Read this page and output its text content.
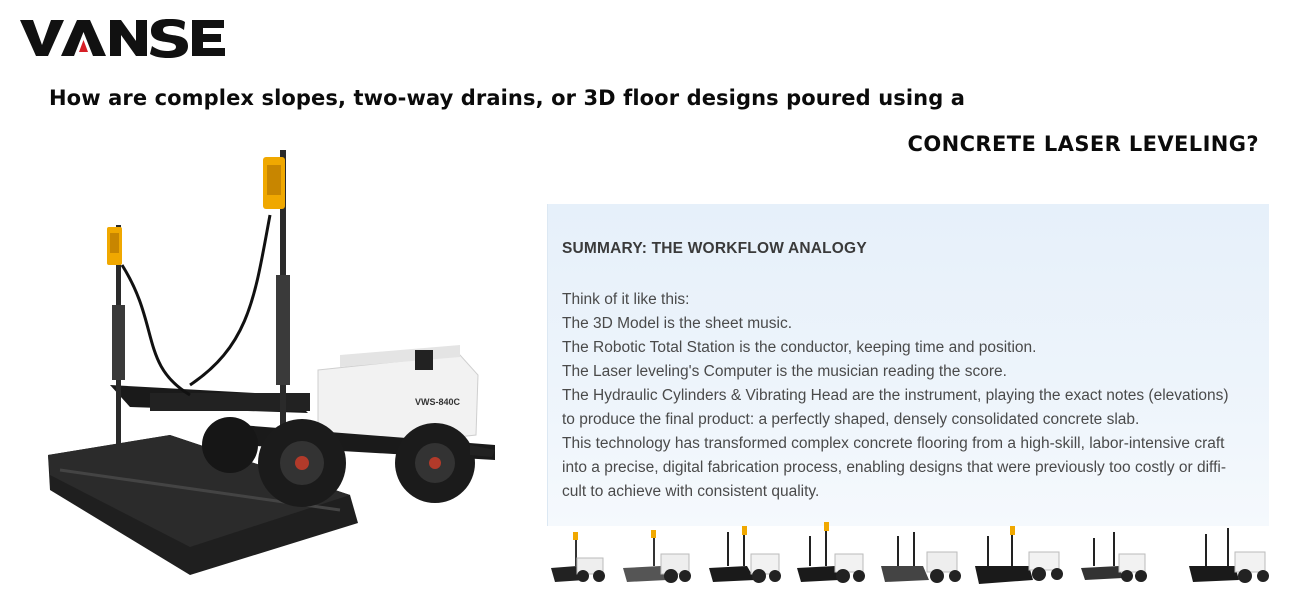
How are complex slopes, two-way drains, or 3D floor designs poured using a
CONCRETE LASER LEVELING?
VWS-840C
SUMMARY: THE WORKFLOW ANALOGY

Think of it like this:

The 3D Model is the sheet music.

The Robotic Total Station is the conductor, keeping time and position.

The Laser leveling's Computer is the musician reading the score.

The Hydraulic Cylinders & Vibrating Head are the instrument, playing the exact notes (elevations)

to produce the final product: a perfectly shaped, densely consolidated concrete slab.

This technology has transformed complex concrete flooring from a high-skill, labor-intensive craft

into a precise, digital fabrication process, enabling designs that were previously too costly or diffi-

cult to achieve with consistent quality.
